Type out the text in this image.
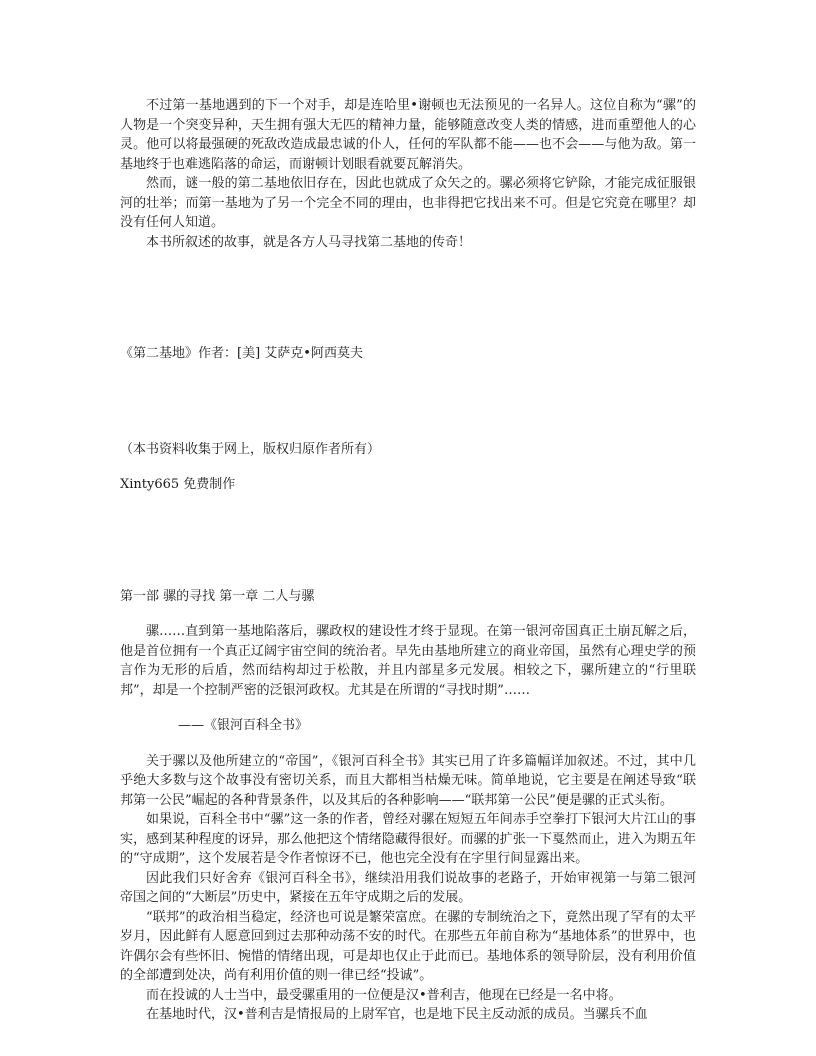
不过第一基地遇到的下一个对手，却是连哈里•谢顿也无法预见的一名异人。这位自称为“骡”的人物是一个突变异种，天生拥有强大无匹的精神力量，能够随意改变人类的情感，进而重塑他人的心灵。他可以将最强硬的死敌改造成最忠诚的仆人，任何的军队都不能——也不会——与他为敌。第一基地终于也难逃陷落的命运，而谢顿计划眼看就要瓦解消失。

然而，谜一般的第二基地依旧存在，因此也就成了众矢之的。骡必须将它铲除，才能完成征服银河的壮举；而第一基地为了另一个完全不同的理由，也非得把它找出来不可。但是它究竟在哪里？却没有任何人知道。

本书所叙述的故事，就是各方人马寻找第二基地的传奇！

《第二基地》作者：[美] 艾萨克•阿西莫夫

（本书资料收集于网上，版权归原作者所有）

Xinty665 免费制作

第一部 骡的寻找 第一章 二人与骡

骡……直到第一基地陷落后，骡政权的建设性才终于显现。在第一银河帝国真正土崩瓦解之后，他是首位拥有一个真正辽阔宇宙空间的统治者。早先由基地所建立的商业帝国，虽然有心理史学的预言作为无形的后盾，然而结构却过于松散，并且内部星多元发展。相较之下，骡所建立的“行里联邦”，却是一个控制严密的泛银河政权。尤其是在所谓的“寻找时期”……

——《银河百科全书》

关于骡以及他所建立的“帝国”，《银河百科全书》其实已用了许多篇幅详加叙述。不过，其中几乎绝大多数与这个故事没有密切关系，而且大都相当枯燥无味。简单地说，它主要是在阐述导致“联邦第一公民”崛起的各种背景条件，以及其后的各种影响——“联邦第一公民”便是骡的正式头衔。

如果说，百科全书中“骡”这一条的作者，曾经对骡在短短五年间赤手空拳打下银河大片江山的事实，感到某种程度的讶异，那么他把这个情绪隐藏得很好。而骡的扩张一下戛然而止，进入为期五年的“守成期”，这个发展若是令作者惊讶不已，他也完全没有在字里行间显露出来。

因此我们只好舍弃《银河百科全书》，继续沿用我们说故事的老路子，开始审视第一与第二银河帝国之间的“大断层”历史中，紧接在五年守成期之后的发展。

“联邦”的政治相当稳定，经济也可说是繁荣富庶。在骡的专制统治之下，竟然出现了罕有的太平岁月，因此鲜有人愿意回到过去那种动荡不安的时代。在那些五年前自称为“基地体系”的世界中，也许偶尔会有些怀旧、惋惜的情绪出现，可是却也仅止于此而已。基地体系的领导阶层，没有利用价值的全部遭到处决，尚有利用价值的则一律已经“投诚”。

而在投诚的人士当中，最受骡重用的一位便是汉•普利吉，他现在已经是一名中将。

在基地时代，汉•普利吉是情报局的上尉军官，也是地下民主反动派的成员。当骡兵不血
